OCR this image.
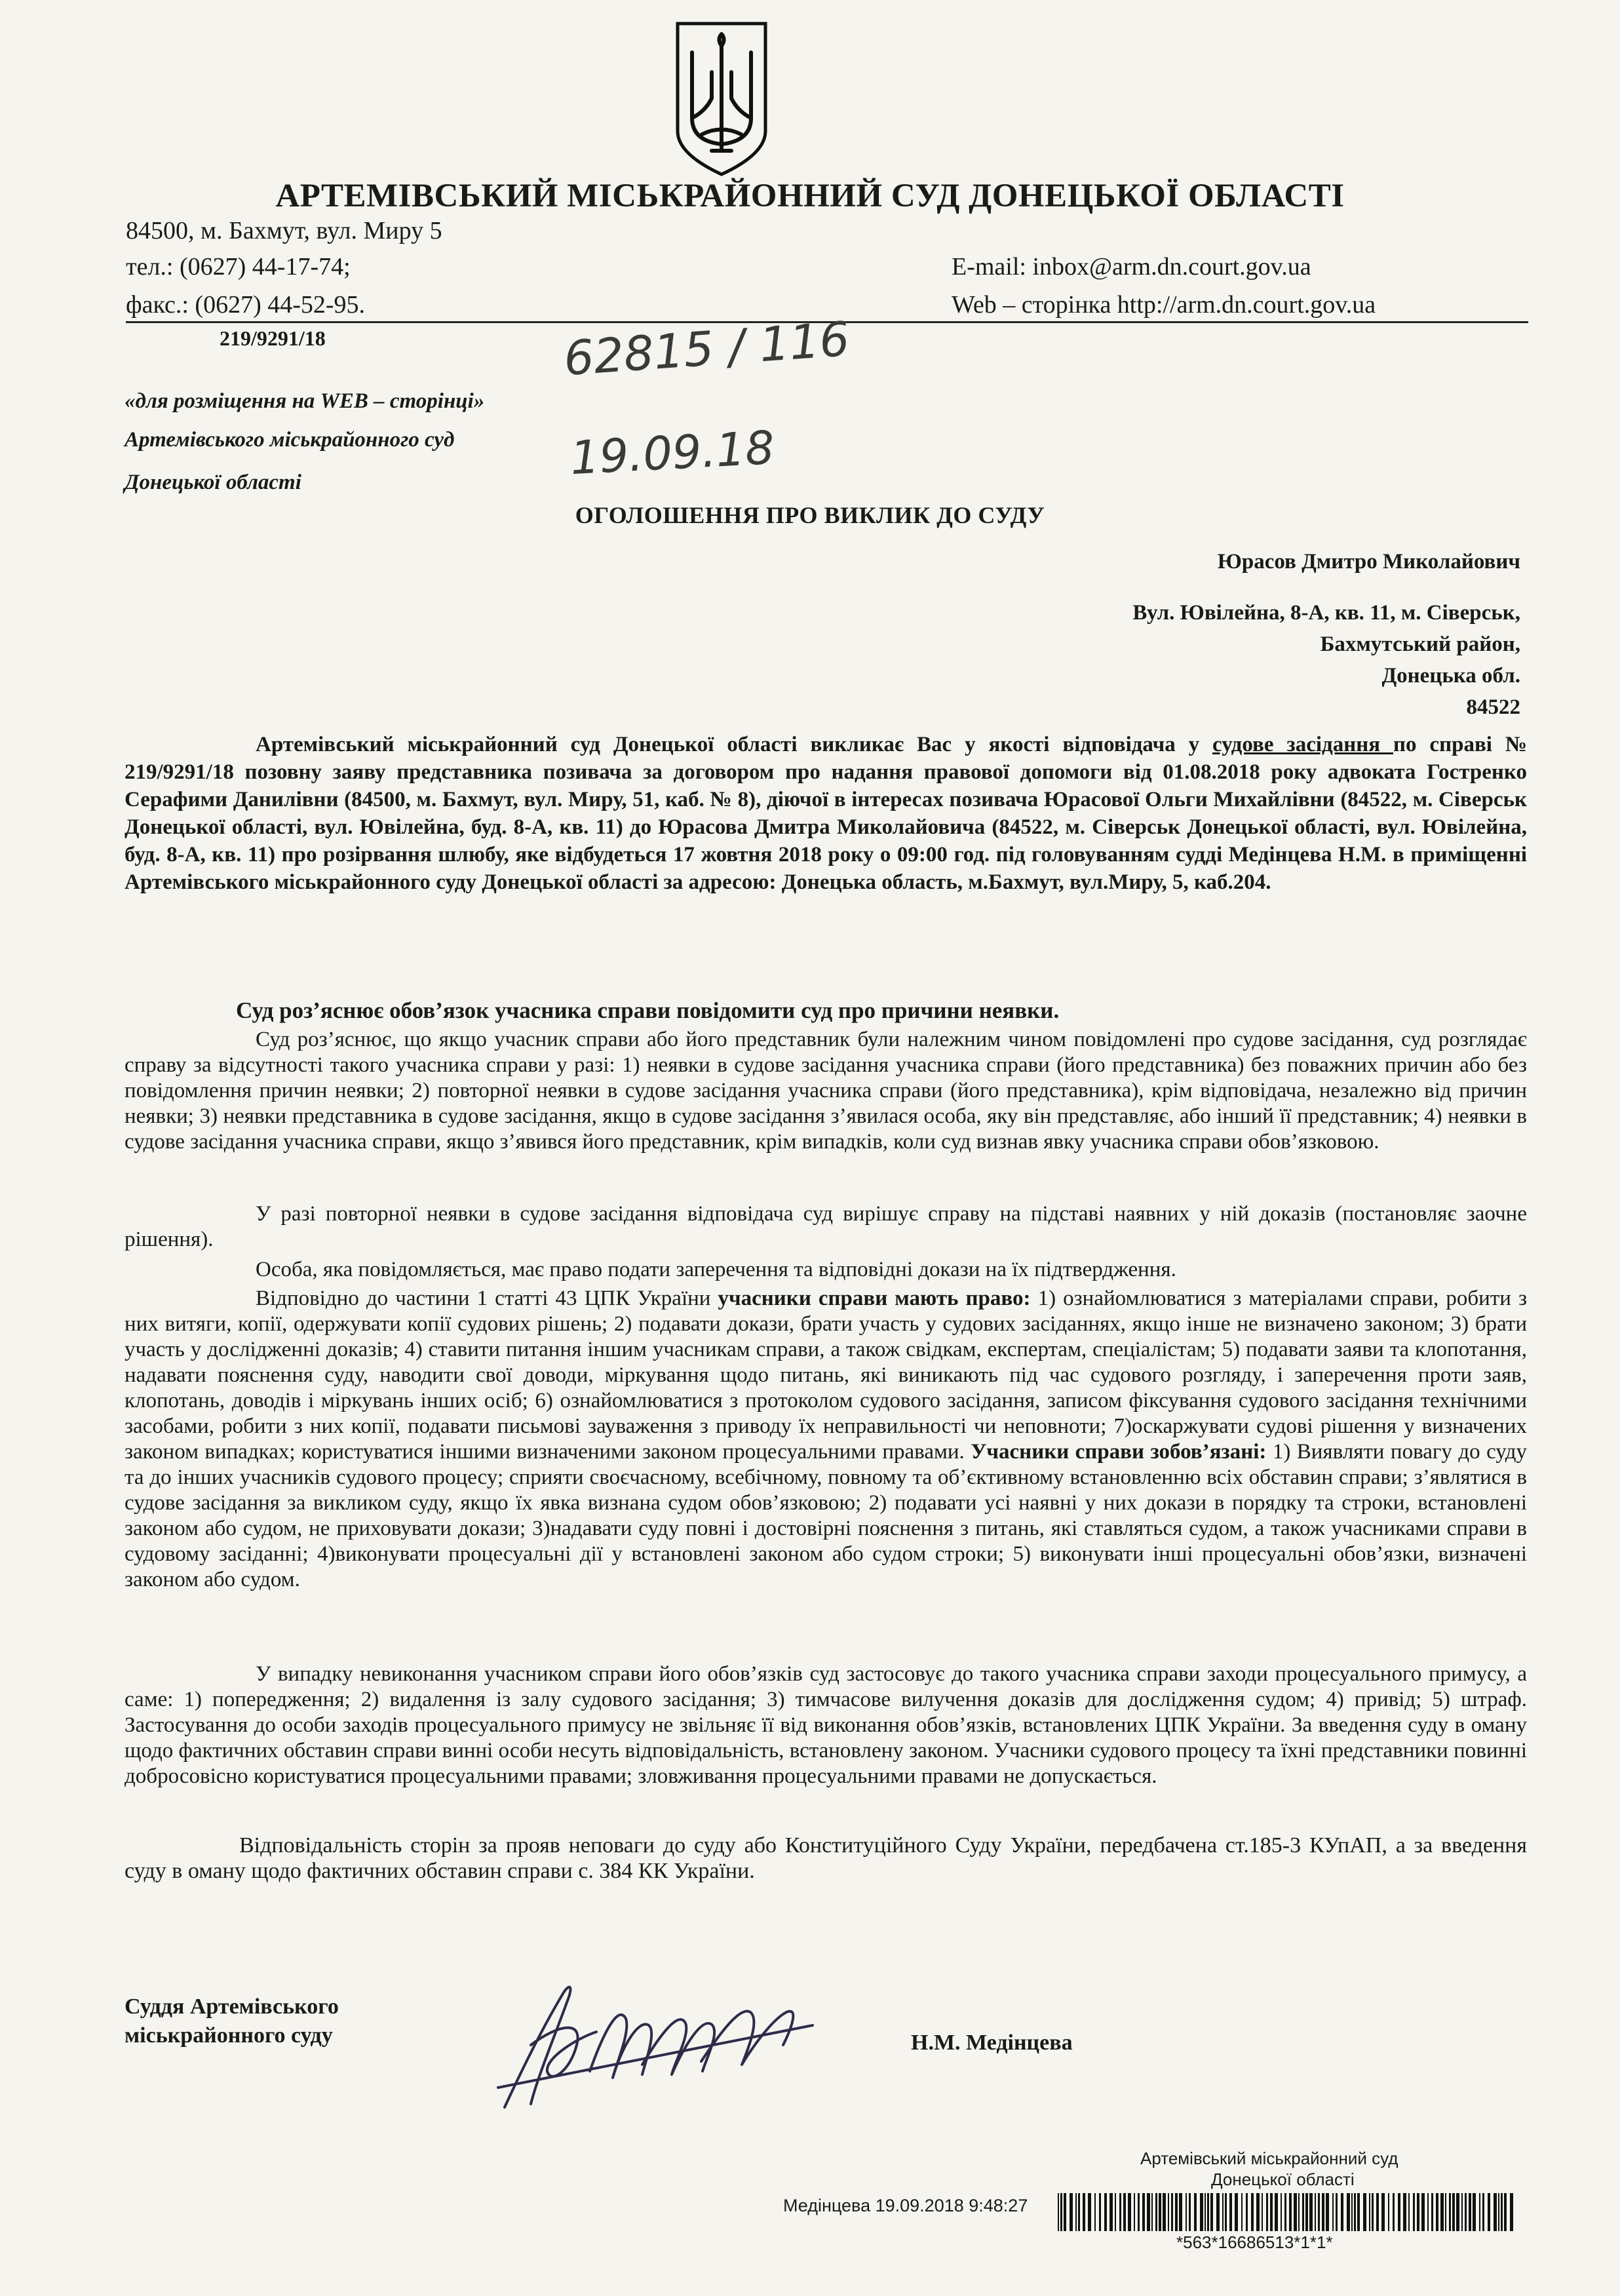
АРТЕМІВСЬКИЙ МІСЬКРАЙОННИЙ СУД ДОНЕЦЬКОЇ ОБЛАСТІ
84500, м. Бахмут, вул. Миру 5
тел.: (0627) 44-17-74;
факс.: (0627) 44-52-95.
E-mail: inbox@arm.dn.court.gov.ua
Web – сторінка http://arm.dn.court.gov.ua
219/9291/18	62815 / 116
19.09.18
«для розміщення на WEB – сторінці»
Артемівського міськрайонного суд
Донецької області
ОГОЛОШЕННЯ ПРО ВИКЛИК ДО СУДУ
Юрасов Дмитро Миколайович
Вул. Ювілейна, 8-А, кв. 11, м. Сіверськ,
Бахмутський район,
Донецька обл.
84522
Артемівський міськрайонний суд Донецької області викликає Вас у якості відповідача у судове засідання по справі № 219/9291/18 позовну заяву представника позивача за договором про надання правової допомоги від 01.08.2018 року адвоката Гостренко Серафими Данилівни (84500, м. Бахмут, вул. Миру, 51, каб. № 8), діючої в інтересах позивача Юрасової Ольги Михайлівни (84522, м. Сіверськ Донецької області, вул. Ювілейна, буд. 8-А, кв. 11) до Юрасова Дмитра Миколайовича (84522, м. Сіверськ Донецької області, вул. Ювілейна, буд. 8-А, кв. 11) про розірвання шлюбу, яке відбудеться 17 жовтня 2018 року о 09:00 год. під головуванням судді Медінцева Н.М. в приміщенні Артемівського міськрайонного суду Донецької області за адресою: Донецька область, м.Бахмут, вул.Миру, 5, каб.204.
Суд роз’яснює обов’язок учасника справи повідомити суд про причини неявки.
Суд роз’яснює, що якщо учасник справи або його представник були належним чином повідомлені про судове засідання, суд розглядає справу за відсутності такого учасника справи у разі: 1) неявки в судове засідання учасника справи (його представника) без поважних причин або без повідомлення причин неявки; 2) повторної неявки в судове засідання учасника справи (його представника), крім відповідача, незалежно від причин неявки; 3) неявки представника в судове засідання, якщо в судове засідання з’явилася особа, яку він представляє, або інший її представник; 4) неявки в судове засідання учасника справи, якщо з’явився його представник, крім випадків, коли суд визнав явку учасника справи обов’язковою.
У разі повторної неявки в судове засідання відповідача суд вирішує справу на підставі наявних у ній доказів (постановляє заочне рішення).
Особа, яка повідомляється, має право подати заперечення та відповідні докази на їх підтвердження.
Відповідно до частини 1 статті 43 ЦПК України учасники справи мають право: 1) ознайомлюватися з матеріалами справи, робити з них витяги, копії, одержувати копії судових рішень; 2) подавати докази, брати участь у судових засіданнях, якщо інше не визначено законом; 3) брати участь у дослідженні доказів; 4) ставити питання іншим учасникам справи, а також свідкам, експертам, спеціалістам; 5) подавати заяви та клопотання, надавати пояснення суду, наводити свої доводи, міркування щодо питань, які виникають під час судового розгляду, і заперечення проти заяв, клопотань, доводів і міркувань інших осіб; 6) ознайомлюватися з протоколом судового засідання, записом фіксування судового засідання технічними засобами, робити з них копії, подавати письмові зауваження з приводу їх неправильності чи неповноти; 7)оскаржувати судові рішення у визначених законом випадках; користуватися іншими визначеними законом процесуальними правами. Учасники справи зобов’язані: 1) Виявляти повагу до суду та до інших учасників судового процесу; сприяти своєчасному, всебічному, повному та об’єктивному встановленню всіх обставин справи; з’являтися в судове засідання за викликом суду, якщо їх явка визнана судом обов’язковою; 2) подавати усі наявні у них докази в порядку та строки, встановлені законом або судом, не приховувати докази; 3)надавати суду повні і достовірні пояснення з питань, які ставляться судом, а також учасниками справи в судовому засіданні; 4)виконувати процесуальні дії у встановлені законом або судом строки; 5) виконувати інші процесуальні обов’язки, визначені законом або судом.
У випадку невиконання учасником справи його обов’язків суд застосовує до такого учасника справи заходи процесуального примусу, а саме: 1) попередження; 2) видалення із залу судового засідання; 3) тимчасове вилучення доказів для дослідження судом; 4) привід; 5) штраф. Застосування до особи заходів процесуального примусу не звільняє її від виконання обов’язків, встановлених ЦПК України. За введення суду в оману щодо фактичних обставин справи винні особи несуть відповідальність, встановлену законом. Учасники судового процесу та їхні представники повинні добросовісно користуватися процесуальними правами; зловживання процесуальними правами не допускається.
Відповідальність сторін за прояв неповаги до суду або Конституційного Суду України, передбачена ст.185-3 КУпАП, а за введення суду в оману щодо фактичних обставин справи с. 384 КК України.
Суддя Артемівського
міськрайонного суду	Н.М. Медінцева
Артемівський міськрайонний суд
Донецької області
Медінцева 19.09.2018 9:48:27
*563*16686513*1*1*
